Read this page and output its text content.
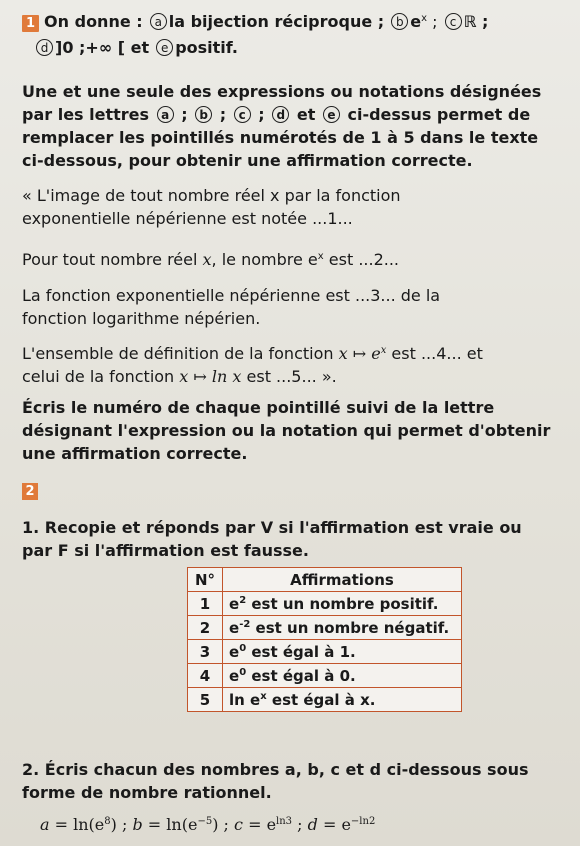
1 On donne : a la bijection réciproque ; b $e^x$ ; c ℝ ;
d ]0 ;+∞ [ et e positif.
Une et une seule des expressions ou notations désignées
par les lettres a ; b ; c ; d et e ci-dessus permet de
remplacer les pointillés numérotés de 1 à 5 dans le texte
ci-dessous, pour obtenir une affirmation correcte.
« L'image de tout nombre réel x par la fonction
exponentielle népérienne est notée ...1...
Pour tout nombre réel x, le nombre $e^x$ est ...2...
La fonction exponentielle népérienne est ...3... de la
fonction logarithme népérien.
L'ensemble de définition de la fonction x ↦ $e^x$ est ...4... et
celui de la fonction x ↦ ln x est ...5... ».
Écris le numéro de chaque pointillé suivi de la lettre
désignant l'expression ou la notation qui permet d'obtenir
une affirmation correcte.
2
1. Recopie et réponds par V si l'affirmation est vraie ou
par F si l'affirmation est fausse.
N°	Affirmations
1	$e^2$ est un nombre positif.
2	$e^{-2}$ est un nombre négatif.
3	$e^0$ est égal à 1.
4	$e^0$ est égal à 0.
5	$\ln e^x$ est égal à x.
2. Écris chacun des nombres a, b, c et d ci-dessous sous
forme de nombre rationnel.
$a = \ln(e^8)$ ; $b = \ln(e^{-5})$ ; $c = e^{ln3}$ ; $d = e^{-ln2}$
